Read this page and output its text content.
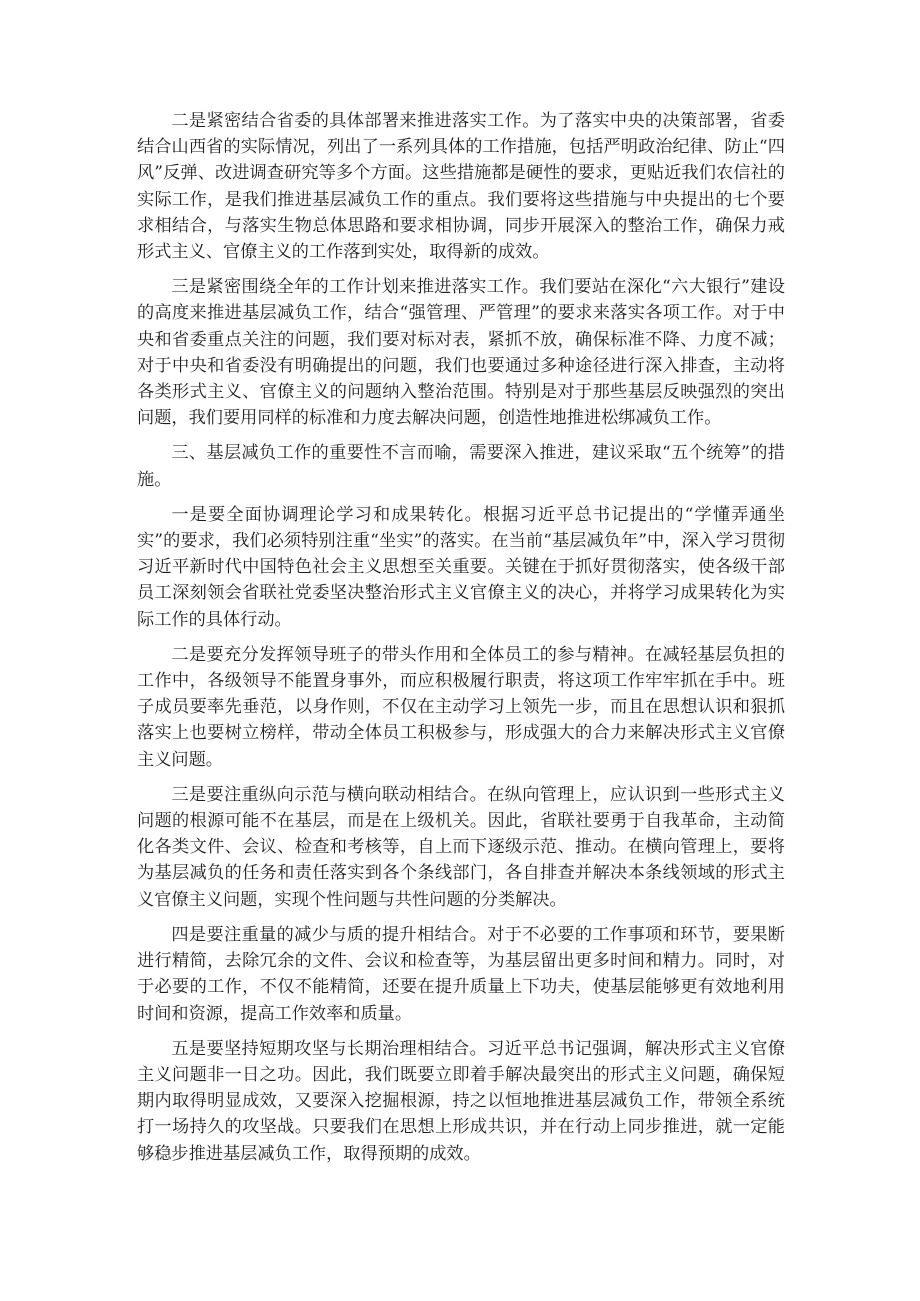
二是紧密结合省委的具体部署来推进落实工作。为了落实中央的决策部署，省委结合山西省的实际情况，列出了一系列具体的工作措施，包括严明政治纪律、防止“四风”反弹、改进调查研究等多个方面。这些措施都是硬性的要求，更贴近我们农信社的实际工作，是我们推进基层减负工作的重点。我们要将这些措施与中央提出的七个要求相结合，与落实生物总体思路和要求相协调，同步开展深入的整治工作，确保力戒形式主义、官僚主义的工作落到实处，取得新的成效。

三是紧密围绕全年的工作计划来推进落实工作。我们要站在深化“六大银行”建设的高度来推进基层减负工作，结合“强管理、严管理”的要求来落实各项工作。对于中央和省委重点关注的问题，我们要对标对表，紧抓不放，确保标准不降、力度不减；对于中央和省委没有明确提出的问题，我们也要通过多种途径进行深入排查，主动将各类形式主义、官僚主义的问题纳入整治范围。特别是对于那些基层反映强烈的突出问题，我们要用同样的标准和力度去解决问题，创造性地推进松绑减负工作。

三、基层减负工作的重要性不言而喻，需要深入推进，建议采取“五个统筹”的措施。

一是要全面协调理论学习和成果转化。根据习近平总书记提出的“学懂弄通坐实”的要求，我们必须特别注重“坐实”的落实。在当前“基层减负年”中，深入学习贯彻习近平新时代中国特色社会主义思想至关重要。关键在于抓好贯彻落实，使各级干部员工深刻领会省联社党委坚决整治形式主义官僚主义的决心，并将学习成果转化为实际工作的具体行动。

二是要充分发挥领导班子的带头作用和全体员工的参与精神。在减轻基层负担的工作中，各级领导不能置身事外，而应积极履行职责，将这项工作牢牢抓在手中。班子成员要率先垂范，以身作则，不仅在主动学习上领先一步，而且在思想认识和狠抓落实上也要树立榜样，带动全体员工积极参与，形成强大的合力来解决形式主义官僚主义问题。

三是要注重纵向示范与横向联动相结合。在纵向管理上，应认识到一些形式主义问题的根源可能不在基层，而是在上级机关。因此，省联社要勇于自我革命，主动简化各类文件、会议、检查和考核等，自上而下逐级示范、推动。在横向管理上，要将为基层减负的任务和责任落实到各个条线部门，各自排查并解决本条线领域的形式主义官僚主义问题，实现个性问题与共性问题的分类解决。

四是要注重量的减少与质的提升相结合。对于不必要的工作事项和环节，要果断进行精简，去除冗余的文件、会议和检查等，为基层留出更多时间和精力。同时，对于必要的工作，不仅不能精简，还要在提升质量上下功夫，使基层能够更有效地利用时间和资源，提高工作效率和质量。

五是要坚持短期攻坚与长期治理相结合。习近平总书记强调，解决形式主义官僚主义问题非一日之功。因此，我们既要立即着手解决最突出的形式主义问题，确保短期内取得明显成效，又要深入挖掘根源，持之以恒地推进基层减负工作，带领全系统打一场持久的攻坚战。只要我们在思想上形成共识，并在行动上同步推进，就一定能够稳步推进基层减负工作，取得预期的成效。
